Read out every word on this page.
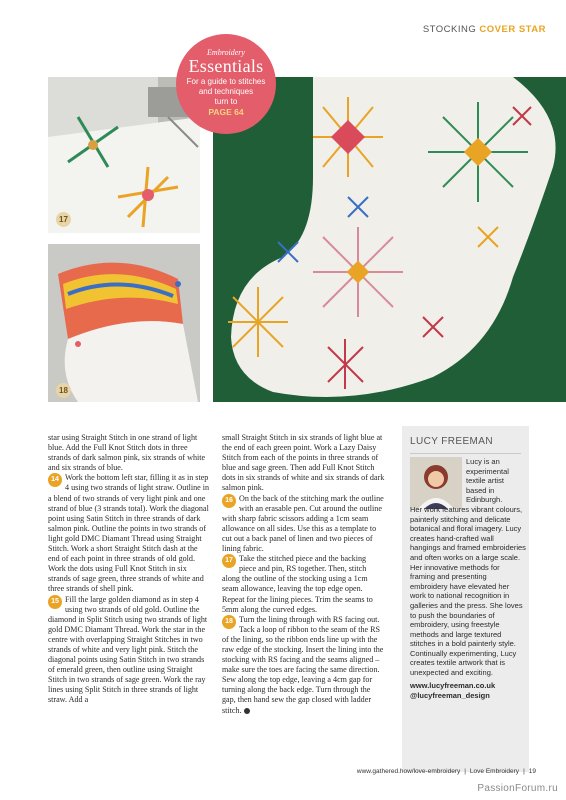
STOCKING COVER STAR
17
18
Embroidery
Essentials
For a guide to stitches
and techniques
turn to
PAGE 64

star using Straight Stitch in one strand of light blue. Add the Full Knot Stitch dots in three strands of dark salmon pink, six strands of white and six strands of blue.

14 Work the bottom left star, filling it as in step 4 using two strands of light straw. Outline in a blend of two strands of very light pink and one strand of blue (3 strands total). Work the diagonal point using Satin Stitch in three strands of dark salmon pink. Outline the points in two strands of light gold DMC Diamant Thread using Straight Stitch. Work a short Straight Stitch dash at the end of each point in three strands of old gold. Work the dots using Full Knot Stitch in six strands of sage green, three strands of white and three strands of shell pink.

15 Fill the large golden diamond as in step 4 using two strands of old gold. Outline the diamond in Split Stitch using two strands of light gold DMC Diamant Thread. Work the star in the centre with overlapping Straight Stitches in two strands of white and very light pink. Stitch the diagonal points using Satin Stitch in two strands of emerald green, then outline using Straight Stitch in two strands of sage green. Work the ray lines using Split Stitch in three strands of light straw. Add a

small Straight Stitch in six strands of light blue at the end of each green point. Work a Lazy Daisy Stitch from each of the points in three strands of blue and sage green. Then add Full Knot Stitch dots in six strands of white and six strands of dark salmon pink.

16 On the back of the stitching mark the outline with an erasable pen. Cut around the outline with sharp fabric scissors adding a 1cm seam allowance on all sides. Use this as a template to cut out a back panel of linen and two pieces of lining fabric.

17 Take the stitched piece and the backing piece and pin, RS together. Then, stitch along the outline of the stocking using a 1cm seam allowance, leaving the top edge open. Repeat for the lining pieces. Trim the seams to 5mm along the curved edges.

18 Turn the lining through with RS facing out. Tack a loop of ribbon to the seam of the RS of the lining, so the ribbon ends line up with the raw edge of the stocking. Insert the lining into the stocking with RS facing and the seams aligned – make sure the toes are facing the same direction. Sew along the top edge, leaving a 4cm gap for turning along the back edge. Turn through the gap, then hand sew the gap closed with ladder stitch.

LUCY FREEMAN
Lucy is an experimental textile artist based in Edinburgh.
Her work features vibrant colours, painterly stitching and delicate botanical and floral imagery. Lucy creates hand-crafted wall hangings and framed embroideries and often works on a large scale. Her innovative methods for framing and presenting embroidery have elevated her work to national recognition in galleries and the press. She loves to push the boundaries of embroidery, using freestyle methods and large textured stitches in a bold painterly style. Continually experimenting, Lucy creates textile artwork that is unexpected and exciting.
www.lucyfreeman.co.uk
@lucyfreeman_design
www.gathered.how/love-embroidery | Love Embroidery | 19
PassionForum.ru
